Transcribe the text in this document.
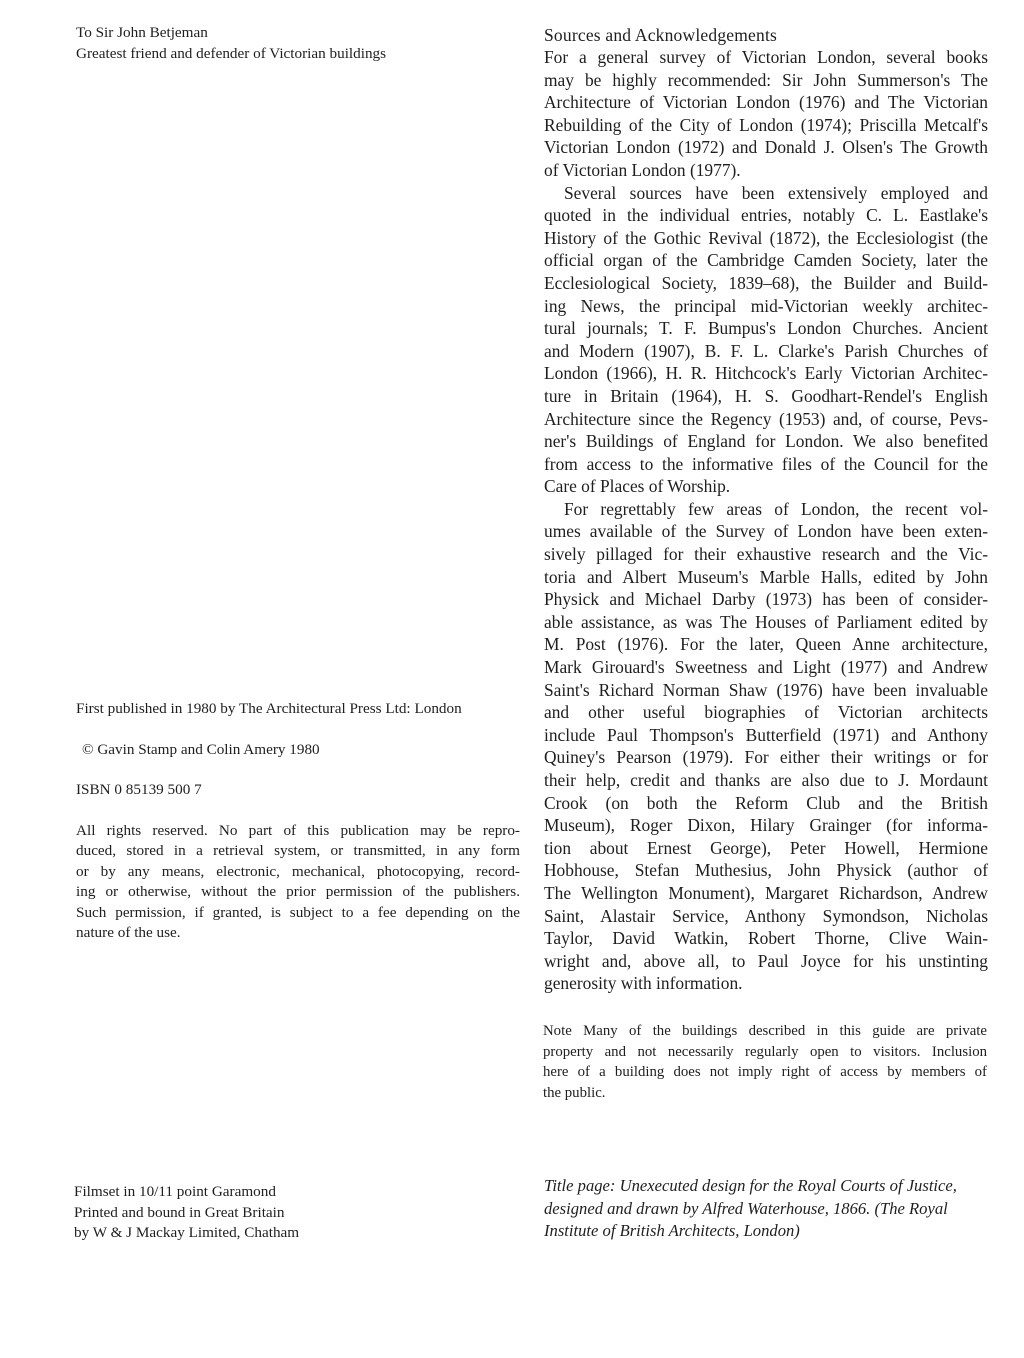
To Sir John Betjeman
Greatest friend and defender of Victorian buildings
First published in 1980 by The Architectural Press Ltd: London
© Gavin Stamp and Colin Amery 1980
ISBN 0 85139 500 7
All rights reserved. No part of this publication may be repro-
duced, stored in a retrieval system, or transmitted, in any form
or by any means, electronic, mechanical, photocopying, record-
ing or otherwise, without the prior permission of the publishers.
Such permission, if granted, is subject to a fee depending on the
nature of the use.
Filmset in 10/11 point Garamond
Printed and bound in Great Britain
by W & J Mackay Limited, Chatham
Sources and Acknowledgements
For a general survey of Victorian London, several books
may be highly recommended: Sir John Summerson's The
Architecture of Victorian London (1976) and The Victorian
Rebuilding of the City of London (1974); Priscilla Metcalf's
Victorian London (1972) and Donald J. Olsen's The Growth
of Victorian London (1977).
Several sources have been extensively employed and
quoted in the individual entries, notably C. L. Eastlake's
History of the Gothic Revival (1872), the Ecclesiologist (the
official organ of the Cambridge Camden Society, later the
Ecclesiological Society, 1839–68), the Builder and Build-
ing News, the principal mid-Victorian weekly architec-
tural journals; T. F. Bumpus's London Churches. Ancient
and Modern (1907), B. F. L. Clarke's Parish Churches of
London (1966), H. R. Hitchcock's Early Victorian Architec-
ture in Britain (1964), H. S. Goodhart-Rendel's English
Architecture since the Regency (1953) and, of course, Pevs-
ner's Buildings of England for London. We also benefited
from access to the informative files of the Council for the
Care of Places of Worship.
For regrettably few areas of London, the recent vol-
umes available of the Survey of London have been exten-
sively pillaged for their exhaustive research and the Vic-
toria and Albert Museum's Marble Halls, edited by John
Physick and Michael Darby (1973) has been of consider-
able assistance, as was The Houses of Parliament edited by
M. Post (1976). For the later, Queen Anne architecture,
Mark Girouard's Sweetness and Light (1977) and Andrew
Saint's Richard Norman Shaw (1976) have been invaluable
and other useful biographies of Victorian architects
include Paul Thompson's Butterfield (1971) and Anthony
Quiney's Pearson (1979). For either their writings or for
their help, credit and thanks are also due to J. Mordaunt
Crook (on both the Reform Club and the British
Museum), Roger Dixon, Hilary Grainger (for informa-
tion about Ernest George), Peter Howell, Hermione
Hobhouse, Stefan Muthesius, John Physick (author of
The Wellington Monument), Margaret Richardson, Andrew
Saint, Alastair Service, Anthony Symondson, Nicholas
Taylor, David Watkin, Robert Thorne, Clive Wain-
wright and, above all, to Paul Joyce for his unstinting
generosity with information.
Note Many of the buildings described in this guide are private
property and not necessarily regularly open to visitors. Inclusion
here of a building does not imply right of access by members of
the public.
Title page: Unexecuted design for the Royal Courts of Justice,
designed and drawn by Alfred Waterhouse, 1866. (The Royal
Institute of British Architects, London)
